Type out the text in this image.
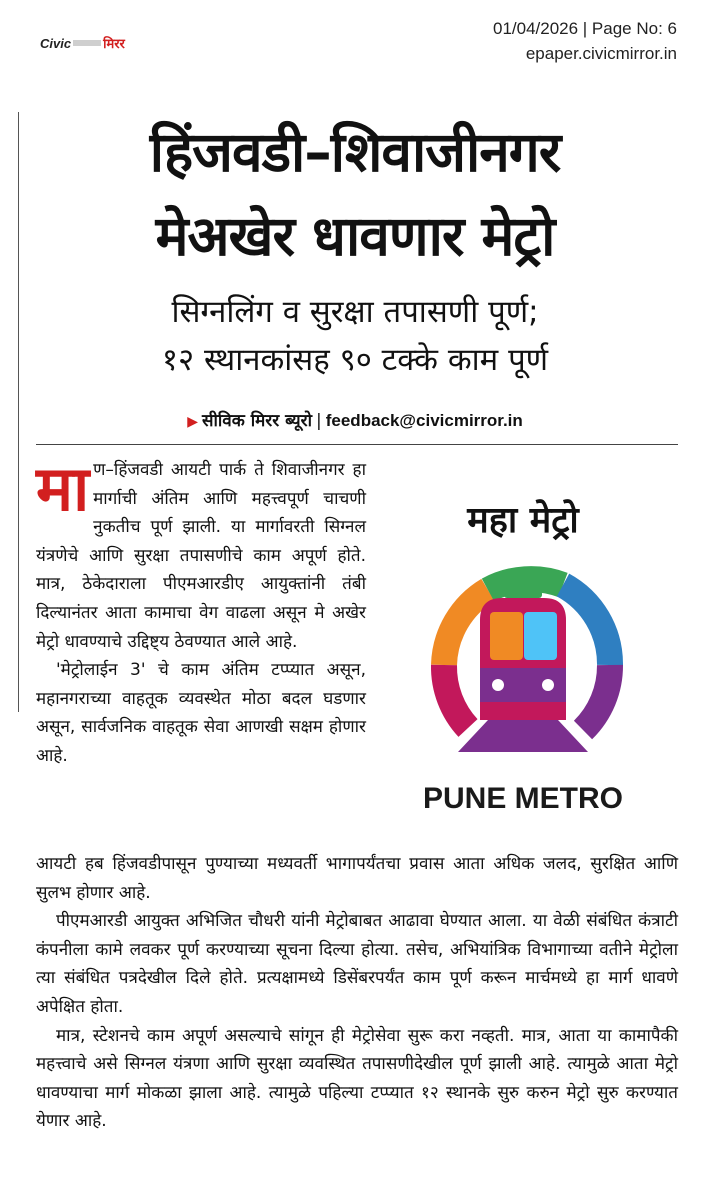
Civic मिरर
01/04/2026 | Page No: 6
epaper.civicmirror.in
हिंजवडी–शिवाजीनगर
मेअखेर धावणार मेट्रो
सिग्नलिंग व सुरक्षा तपासणी पूर्ण;
१२ स्थानकांसह ९० टक्के काम पूर्ण
▶ सीविक मिरर ब्यूरो | feedback@civicmirror.in

माण–हिंजवडी आयटी पार्क ते शिवाजीनगर हा मार्गाची अंतिम आणि महत्त्वपूर्ण चाचणी नुकतीच पूर्ण झाली. या मार्गावरती सिग्नल यंत्रणेचे आणि सुरक्षा तपासणीचे काम अपूर्ण होते. मात्र, ठेकेदाराला पीएमआरडीए आयुक्तांनी तंबी दिल्यानंतर आता कामाचा वेग वाढला असून मे अखेर मेट्रो धावण्याचे उद्दिष्ट्य ठेवण्यात आले आहे.

'मेट्रोलाईन 3' चे काम अंतिम टप्प्यात असून, महानगराच्या वाहतूक व्यवस्थेत मोठा बदल घडणार असून, सार्वजनिक वाहतूक सेवा आणखी सक्षम होणार आहे.

महा मेट्रो
PUNE METRO

आयटी हब हिंजवडीपासून पुण्याच्या मध्यवर्ती भागापर्यंतचा प्रवास आता अधिक जलद, सुरक्षित आणि सुलभ होणार आहे.

पीएमआरडी आयुक्त अभिजित चौधरी यांनी मेट्रोबाबत आढावा घेण्यात आला. या वेळी संबंधित कंत्राटी कंपनीला कामे लवकर पूर्ण करण्याच्या सूचना दिल्या होत्या. तसेच, अभियांत्रिक विभागाच्या वतीने मेट्रोला त्या संबंधित पत्रदेखील दिले होते. प्रत्यक्षामध्ये डिसेंबरपर्यंत काम पूर्ण करून मार्चमध्ये हा मार्ग धावणे अपेक्षित होता.

मात्र, स्टेशनचे काम अपूर्ण असल्याचे सांगून ही मेट्रोसेवा सुरू करा नव्हती. मात्र, आता या कामापैकी महत्त्वाचे असे सिग्नल यंत्रणा आणि सुरक्षा व्यवस्थित तपासणीदेखील पूर्ण झाली आहे. त्यामुळे आता मेट्रो धावण्याचा मार्ग मोकळा झाला आहे. त्यामुळे पहिल्या टप्प्यात १२ स्थानके सुरु करुन मेट्रो सुरु करण्यात येणार आहे.
